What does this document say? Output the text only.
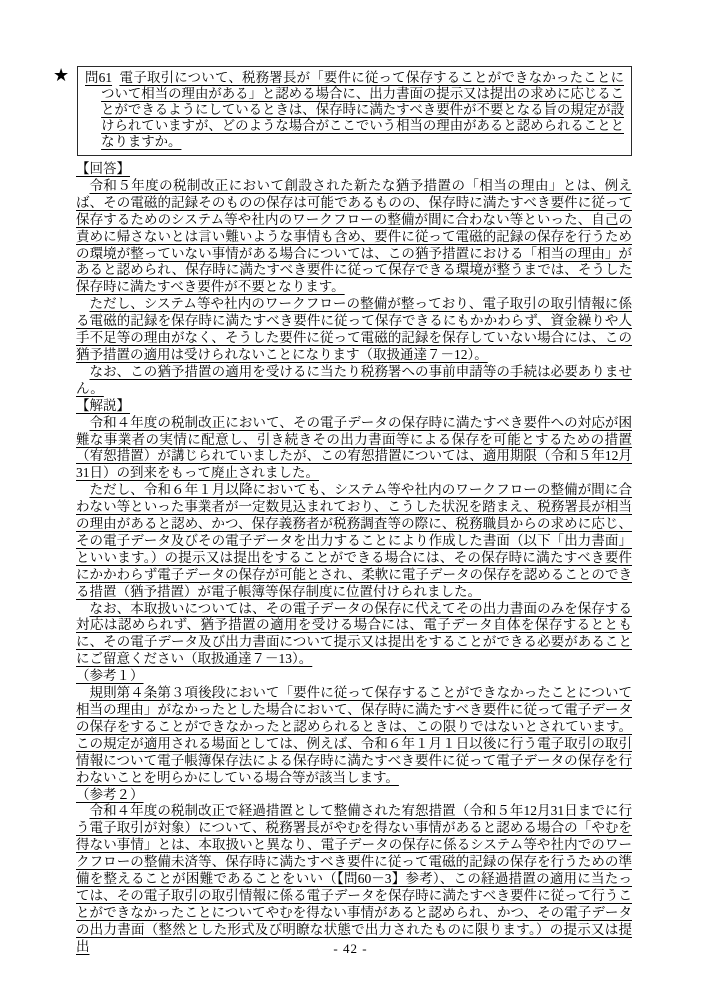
★ 問61 電子取引について、税務署長が「要件に従って保存することができなかったことについて相当の理由がある」と認める場合に、出力書面の提示又は提出の求めに応じることができるようにしているときは、保存時に満たすべき要件が不要となる旨の規定が設けられていますが、どのような場合がここでいう相当の理由があると認められることとなりますか。

【回答】

令和５年度の税制改正において創設された新たな猶予措置の「相当の理由」とは、例えば、その電磁的記録そのものの保存は可能であるものの、保存時に満たすべき要件に従って保存するためのシステム等や社内のワークフローの整備が間に合わない等といった、自己の責めに帰さないとは言い難いような事情も含め、要件に従って電磁的記録の保存を行うための環境が整っていない事情がある場合については、この猶予措置における「相当の理由」があると認められ、保存時に満たすべき要件に従って保存できる環境が整うまでは、そうした保存時に満たすべき要件が不要となります。

ただし、システム等や社内のワークフローの整備が整っており、電子取引の取引情報に係る電磁的記録を保存時に満たすべき要件に従って保存できるにもかかわらず、資金繰りや人手不足等の理由がなく、そうした要件に従って電磁的記録を保存していない場合には、この猶予措置の適用は受けられないことになります（取扱通達７－12）。

なお、この猶予措置の適用を受けるに当たり税務署への事前申請等の手続は必要ありません。

【解説】

令和４年度の税制改正において、その電子データの保存時に満たすべき要件への対応が困難な事業者の実情に配意し、引き続きその出力書面等による保存を可能とするための措置（宥恕措置）が講じられていましたが、この宥恕措置については、適用期限（令和５年12月31日）の到来をもって廃止されました。

ただし、令和６年１月以降においても、システム等や社内のワークフローの整備が間に合わない等といった事業者が一定数見込まれており、こうした状況を踏まえ、税務署長が相当の理由があると認め、かつ、保存義務者が税務調査等の際に、税務職員からの求めに応じ、その電子データ及びその電子データを出力することにより作成した書面（以下「出力書面」といいます。）の提示又は提出をすることができる場合には、その保存時に満たすべき要件にかかわらず電子データの保存が可能とされ、柔軟に電子データの保存を認めることのできる措置（猶予措置）が電子帳簿等保存制度に位置付けられました。

なお、本取扱いについては、その電子データの保存に代えてその出力書面のみを保存する対応は認められず、猶予措置の適用を受ける場合には、電子データ自体を保存するとともに、その電子データ及び出力書面について提示又は提出をすることができる必要があることにご留意ください（取扱通達７－13）。

（参考１）

規則第４条第３項後段において「要件に従って保存することができなかったことについて相当の理由」がなかったとした場合において、保存時に満たすべき要件に従って電子データの保存をすることができなかったと認められるときは、この限りではないとされています。この規定が適用される場面としては、例えば、令和６年１月１日以後に行う電子取引の取引情報について電子帳簿保存法による保存時に満たすべき要件に従って電子データの保存を行わないことを明らかにしている場合等が該当します。

（参考２）

令和４年度の税制改正で経過措置として整備された宥恕措置（令和５年12月31日までに行う電子取引が対象）について、税務署長がやむを得ない事情があると認める場合の「やむを得ない事情」とは、本取扱いと異なり、電子データの保存に係るシステム等や社内でのワークフローの整備未済等、保存時に満たすべき要件に従って電磁的記録の保存を行うための準備を整えることが困難であることをいい（【問60－3】参考）、この経過措置の適用に当たっては、その電子取引の取引情報に係る電子データを保存時に満たすべき要件に従って行うことができなかったことについてやむを得ない事情があると認められ、かつ、その電子データの出力書面（整然とした形式及び明瞭な状態で出力されたものに限ります。）の提示又は提出	- 42 -
